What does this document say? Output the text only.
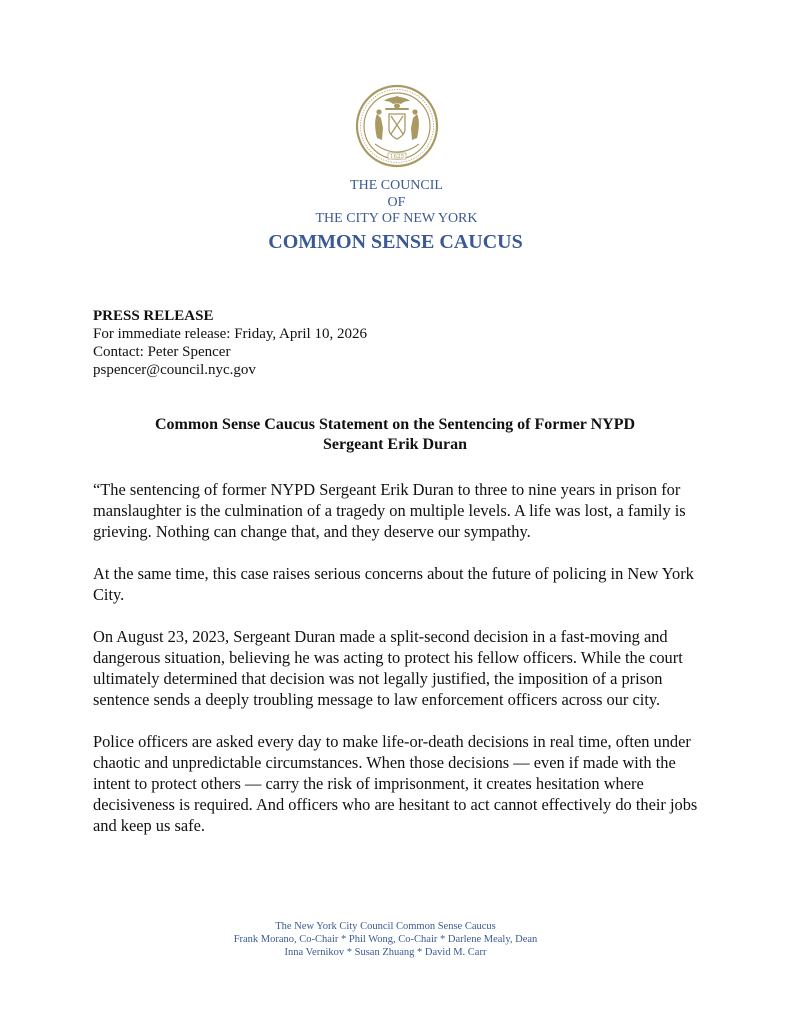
1625
THE COUNCIL
OF
THE CITY OF NEW YORK
COMMON SENSE CAUCUS
PRESS RELEASE
For immediate release: Friday, April 10, 2026
Contact: Peter Spencer
pspencer@council.nyc.gov
Common Sense Caucus Statement on the Sentencing of Former NYPD
Sergeant Erik Duran

“The sentencing of former NYPD Sergeant Erik Duran to three to nine years in prison for manslaughter is the culmination of a tragedy on multiple levels. A life was lost, a family is grieving. Nothing can change that, and they deserve our sympathy.

At the same time, this case raises serious concerns about the future of policing in New York City.

On August 23, 2023, Sergeant Duran made a split-second decision in a fast-moving and dangerous situation, believing he was acting to protect his fellow officers. While the court ultimately determined that decision was not legally justified, the imposition of a prison sentence sends a deeply troubling message to law enforcement officers across our city.

Police officers are asked every day to make life-or-death decisions in real time, often under chaotic and unpredictable circumstances. When those decisions — even if made with the intent to protect others — carry the risk of imprisonment, it creates hesitation where decisiveness is required. And officers who are hesitant to act cannot effectively do their jobs and keep us safe.

The New York City Council Common Sense Caucus
Frank Morano, Co-Chair * Phil Wong, Co-Chair * Darlene Mealy, Dean
Inna Vernikov * Susan Zhuang * David M. Carr
